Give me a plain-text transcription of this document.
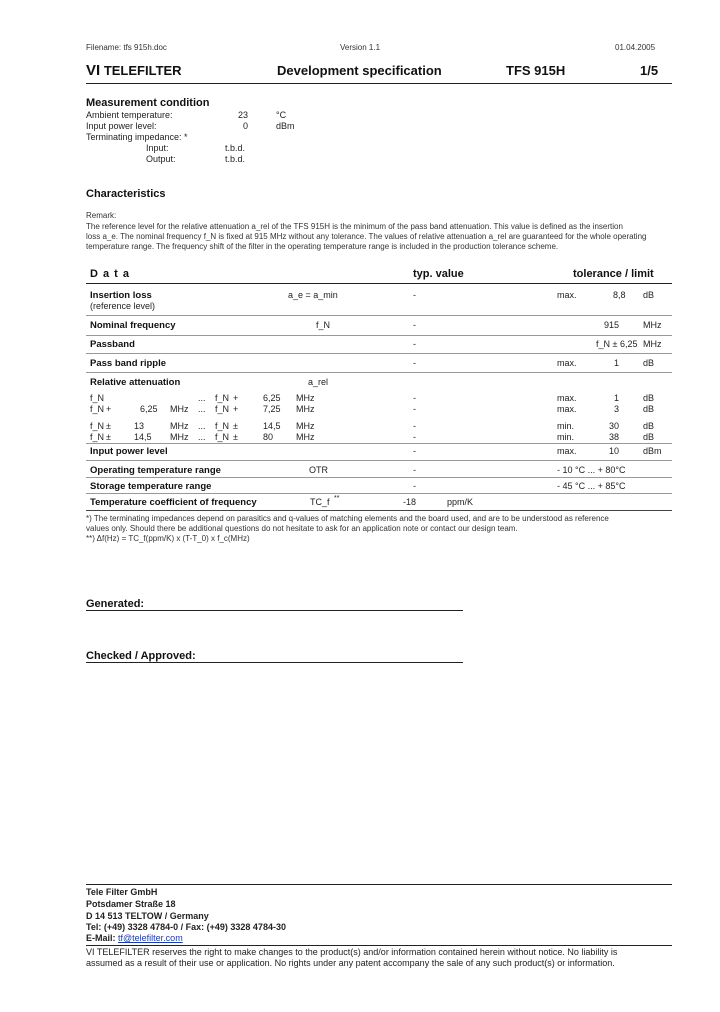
Filename: tfs 915h.doc	Version 1.1	01.04.2005
VI TELEFILTER	Development specification	TFS 915H	1/5
Measurement condition
Ambient temperature:	23	°C
Input power level:	0	dBm
Terminating impedance: *
Input:	t.b.d.
Output:	t.b.d.
Characteristics
Remark:
The reference level for the relative attenuation a_rel of the TFS 915H is the minimum of the pass band attenuation. This value is defined as the insertion
loss a_e. The nominal frequency f_N is fixed at 915 MHz without any tolerance. The values of relative attenuation a_rel are guaranteed for the whole operating
temperature range. The frequency shift of the filter in the operating temperature range is included in the production tolerance scheme.
D a t a	typ. value	tolerance / limit
Insertion loss
(reference level)
a_e = a_min	-	max.	8,8 dB
Nominal frequency	f_N	-	915	MHz
Passband	-	f_N ± 6,25 MHz
Pass band ripple	-	max.	1	dB
Relative attenuation	a_rel
f_N	... f_N +	6,25 MHz	-	max.	1	dB
f_N +	6,25 MHz ... f_N +	7,25 MHz	-	max.	3	dB
f_N ±	13	MHz ... f_N ±	14,5 MHz	-	min.	30	dB
f_N ±	14,5 MHz ... f_N ±	80	MHz	-	min.	38	dB
Input power level	-	max.	10	dBm
Operating temperature range	OTR	-	- 10 °C ... + 80°C
Storage temperature range	-	- 45 °C ... + 85°C
Temperature coefficient of frequency	TC_f **	-18	ppm/K
*) The terminating impedances depend on parasitics and q-values of matching elements and the board used, and are to be understood as reference
values only. Should there be additional questions do not hesitate to ask for an application note or contact our design team.
**) Δf(Hz) = TC_f(ppm/K) x (T-T_0) x f_c(MHz)
Generated:
Checked / Approved:
Tele Filter GmbH
Potsdamer Straße 18
D 14 513 TELTOW / Germany
Tel: (+49) 3328 4784-0 / Fax: (+49) 3328 4784-30
E-Mail: tf@telefilter.com
VI TELEFILTER reserves the right to make changes to the product(s) and/or information contained herein without notice. No liability is
assumed as a result of their use or application. No rights under any patent accompany the sale of any such product(s) or information.
